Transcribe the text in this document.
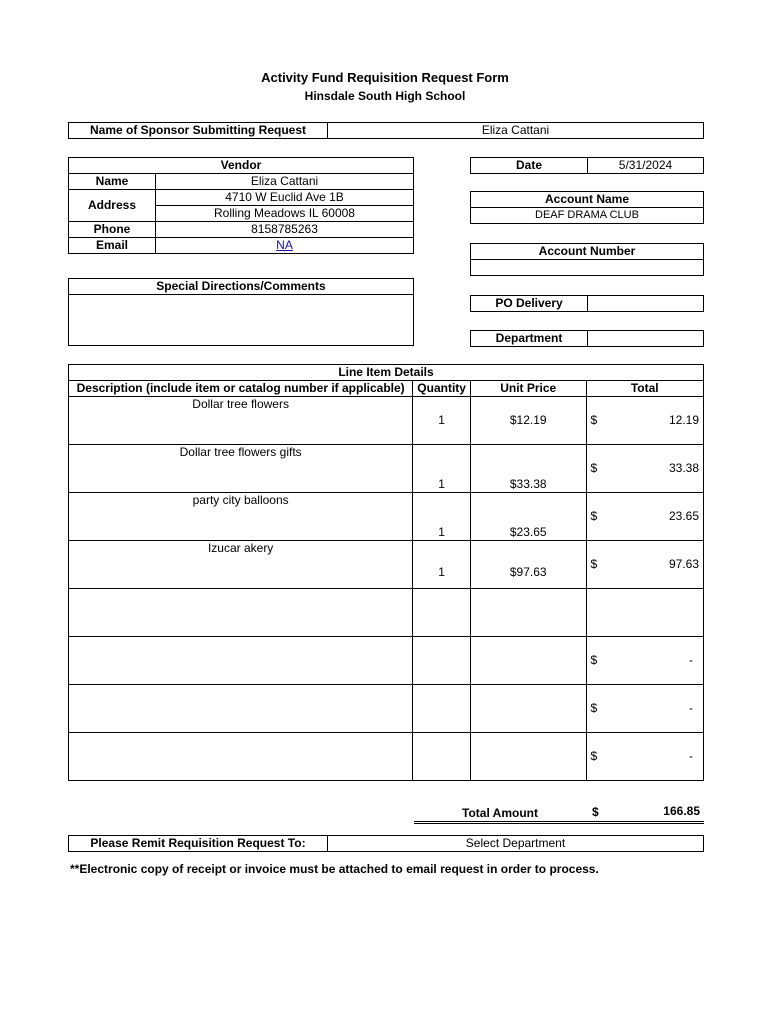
Activity Fund Requisition Request Form
Hinsdale South High School
Name of Sponsor Submitting Request	Eliza Cattani
Vendor	
Name	Eliza Cattani
Address	4710 W Euclid Ave 1B
	Rolling Meadows IL 60008
Phone	8158785263
Email	NA
Date	5/31/2024
Account Name
DEAF DRAMA CLUB
Account Number

Special Directions/Comments

PO Delivery	
Department	
Line Item Details			
Description (include item or catalog number if applicable)	Quantity	Unit Price	Total

Dollar tree flowers	1	$12.19	$ 12.19

Dollar tree flowers gifts	1	$33.38	$ 33.38

party city balloons	1	$23.65	$ 23.65

Izucar akery	1	$97.63	$ 97.63

			$ -

			$ -

			$ -
Total Amount	$	166.85
Please Remit Requisition Request To:	Select Department
**Electronic copy of receipt or invoice must be attached to email request in order to process.
